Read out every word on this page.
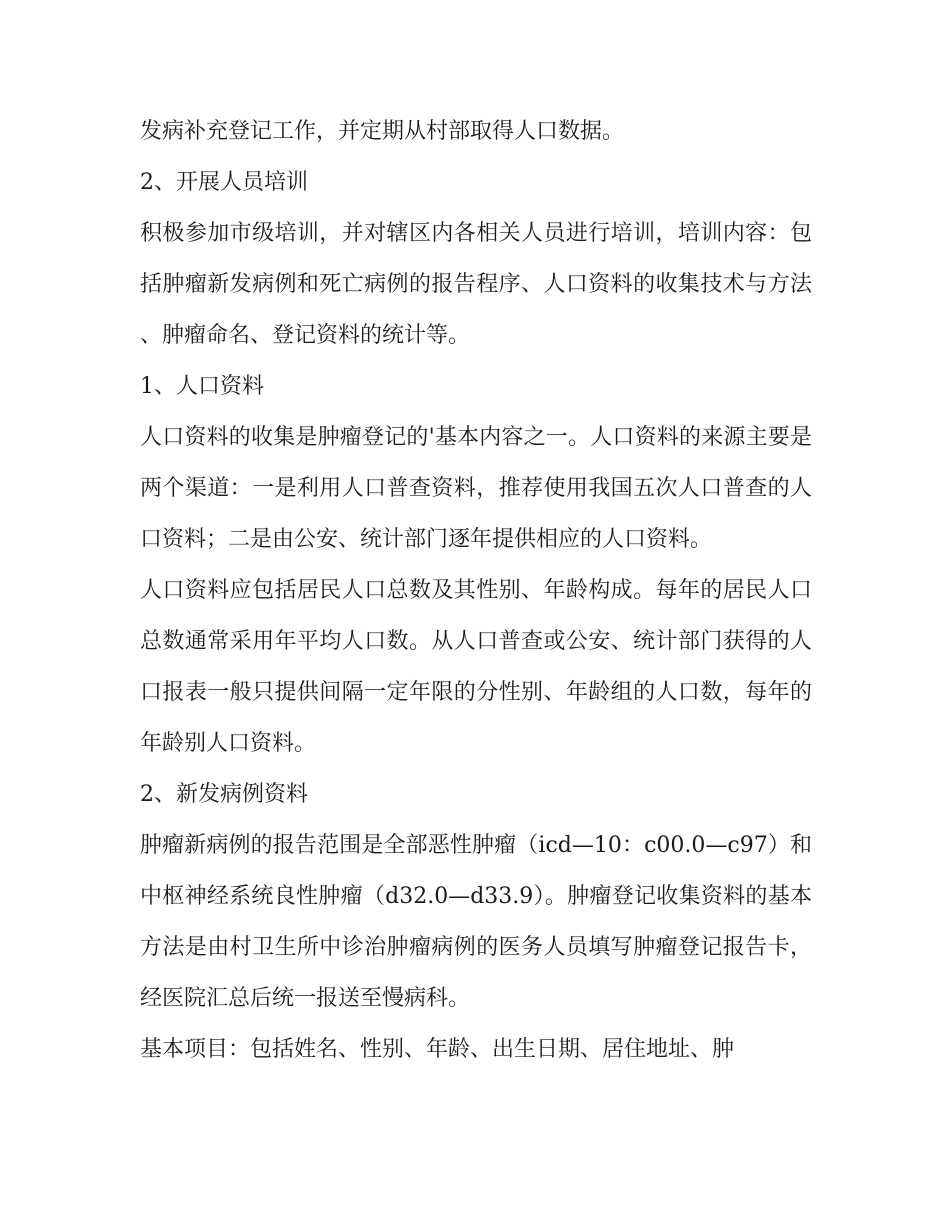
发病补充登记工作，并定期从村部取得人口数据。

2、开展人员培训

积极参加市级培训，并对辖区内各相关人员进行培训，培训内容：包括肿瘤新发病例和死亡病例的报告程序、人口资料的收集技术与方法、肿瘤命名、登记资料的统计等。

1、人口资料

人口资料的收集是肿瘤登记的'基本内容之一。人口资料的来源主要是两个渠道：一是利用人口普查资料，推荐使用我国五次人口普查的人口资料；二是由公安、统计部门逐年提供相应的人口资料。

人口资料应包括居民人口总数及其性别、年龄构成。每年的居民人口总数通常采用年平均人口数。从人口普查或公安、统计部门获得的人口报表一般只提供间隔一定年限的分性别、年龄组的人口数，每年的年龄别人口资料。

2、新发病例资料

肿瘤新病例的报告范围是全部恶性肿瘤（icd—10：c00.0—c97）和中枢神经系统良性肿瘤（d32.0—d33.9）。肿瘤登记收集资料的基本方法是由村卫生所中诊治肿瘤病例的医务人员填写肿瘤登记报告卡，经医院汇总后统一报送至慢病科。

基本项目：包括姓名、性别、年龄、出生日期、居住地址、肿
